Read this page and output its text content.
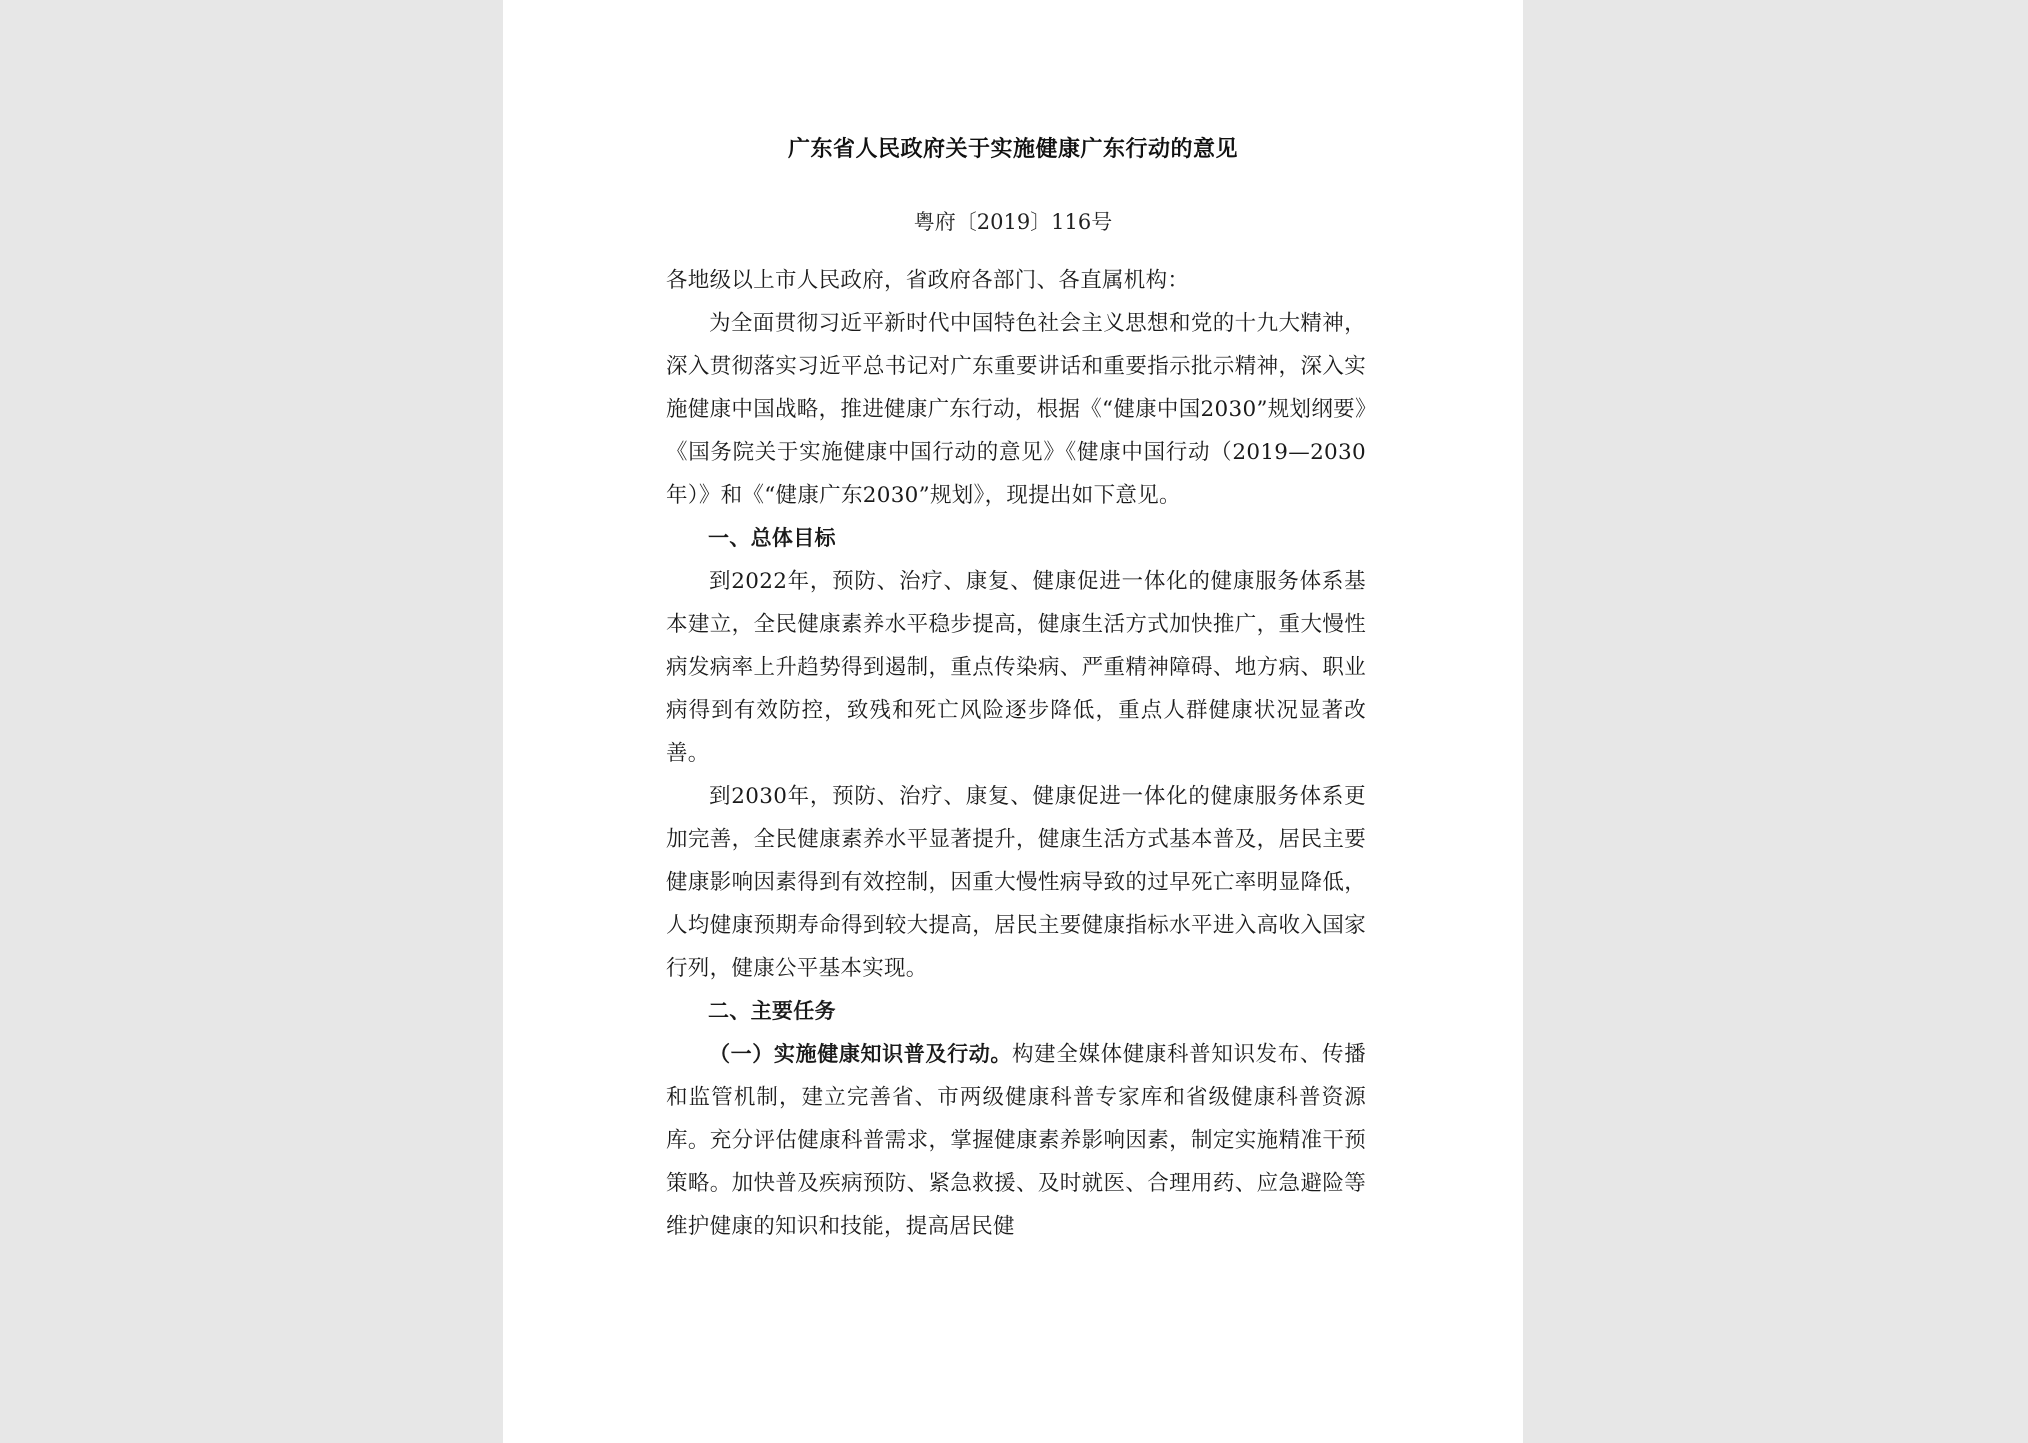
广东省人民政府关于实施健康广东行动的意见
粤府〔2019〕116号

各地级以上市人民政府，省政府各部门、各直属机构：

为全面贯彻习近平新时代中国特色社会主义思想和党的十九大精神，深入贯彻落实习近平总书记对广东重要讲话和重要指示批示精神，深入实施健康中国战略，推进健康广东行动，根据《“健康中国2030”规划纲要》《国务院关于实施健康中国行动的意见》《健康中国行动（2019—2030年）》和《“健康广东2030”规划》，现提出如下意见。

一、总体目标

到2022年，预防、治疗、康复、健康促进一体化的健康服务体系基本建立，全民健康素养水平稳步提高，健康生活方式加快推广，重大慢性病发病率上升趋势得到遏制，重点传染病、严重精神障碍、地方病、职业病得到有效防控，致残和死亡风险逐步降低，重点人群健康状况显著改善。

到2030年，预防、治疗、康复、健康促进一体化的健康服务体系更加完善，全民健康素养水平显著提升，健康生活方式基本普及，居民主要健康影响因素得到有效控制，因重大慢性病导致的过早死亡率明显降低，人均健康预期寿命得到较大提高，居民主要健康指标水平进入高收入国家行列，健康公平基本实现。

二、主要任务

（一）实施健康知识普及行动。构建全媒体健康科普知识发布、传播和监管机制，建立完善省、市两级健康科普专家库和省级健康科普资源库。充分评估健康科普需求，掌握健康素养影响因素，制定实施精准干预策略。加快普及疾病预防、紧急救援、及时就医、合理用药、应急避险等维护健康的知识和技能，提高居民健
